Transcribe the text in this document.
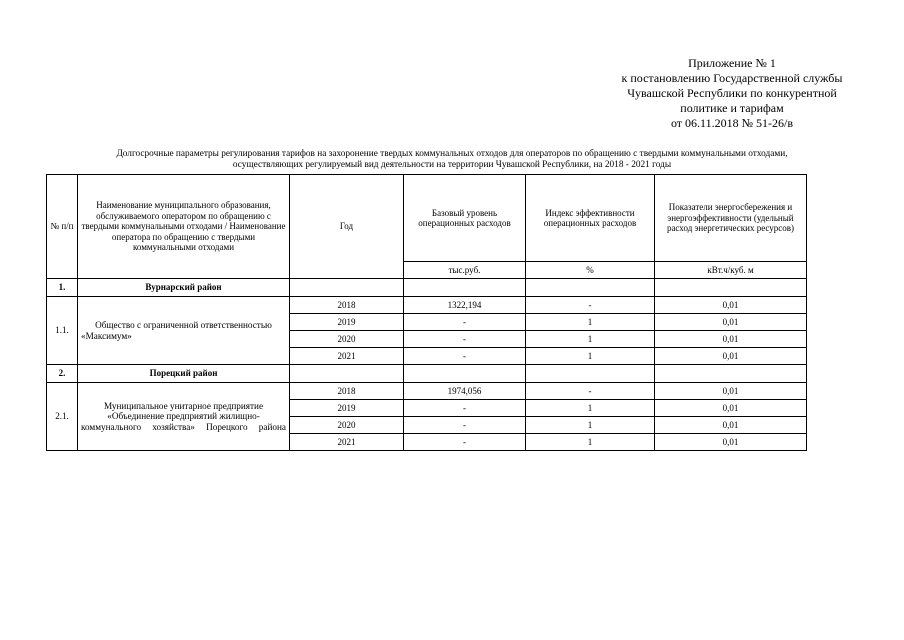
Приложение № 1
к постановлению Государственной службы
Чувашской Республики по конкурентной
политике и тарифам
от 06.11.2018 № 51-26/в
Долгосрочные параметры регулирования тарифов на захоронение твердых коммунальных отходов для операторов по обращению с твердыми коммунальными отходами,
осуществляющих регулируемый вид деятельности на территории Чувашской Республики, на 2018 - 2021 годы
№ п/п	Наименование муниципального образования, обслуживаемого оператором по обращению с твердыми коммунальными отходами / Наименование оператора по обращению с твердыми коммунальными отходами	Год	Базовый уровень операционных расходов	Индекс эффективности операционных расходов	Показатели энергосбережения и энергоэффективности (удельный расход энергетических ресурсов)
			тыс.руб.	%	кВт.ч/куб. м
1.	Вурнарский район				
1.1.	Общество с ограниченной ответственностью «Максимум»	2018	1322,194	-	0,01
		2019	-	1	0,01
		2020	-	1	0,01
		2021	-	1	0,01
2.	Порецкий район				
2.1.	Муниципальное унитарное предприятие «Объединение предприятий жилищно-коммунального хозяйства» Порецкого района	2018	1974,056	-	0,01
		2019	-	1	0,01
		2020	-	1	0,01
		2021	-	1	0,01
